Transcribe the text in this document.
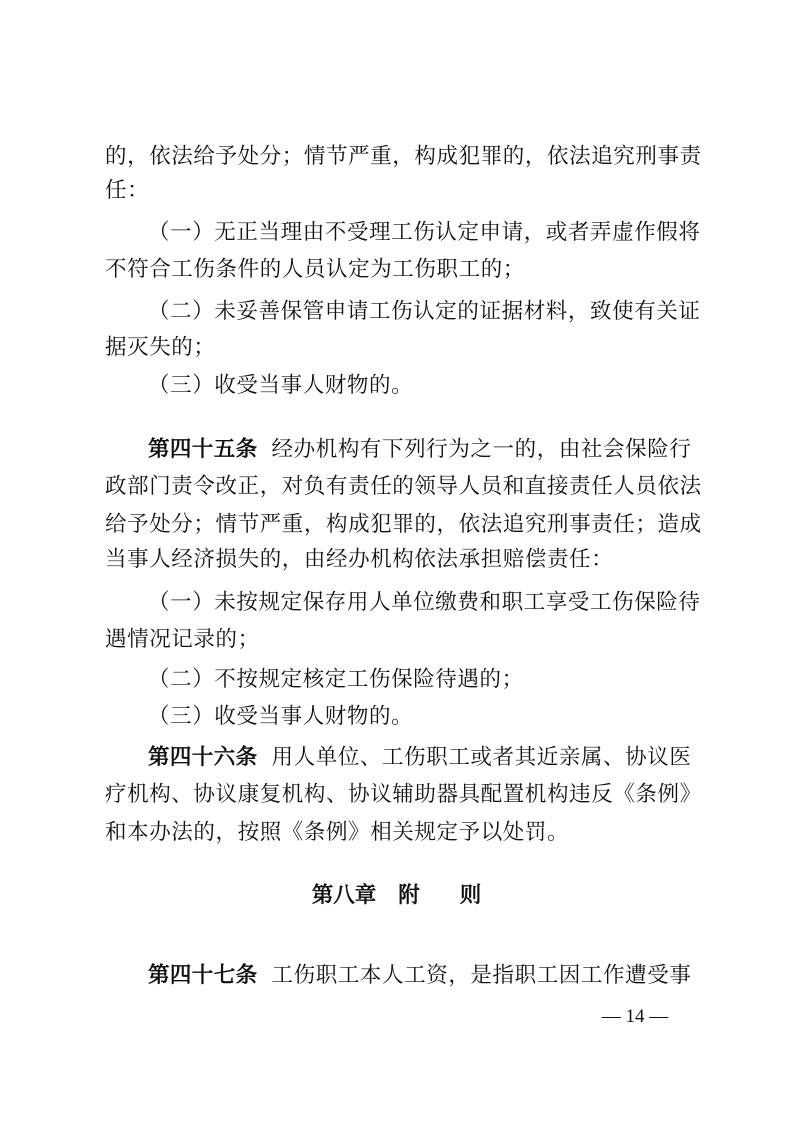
的，依法给予处分；情节严重，构成犯罪的，依法追究刑事责
任：
（一）无正当理由不受理工伤认定申请，或者弄虚作假将
不符合工伤条件的人员认定为工伤职工的；
（二）未妥善保管申请工伤认定的证据材料，致使有关证
据灭失的；
（三）收受当事人财物的。
第四十五条 经办机构有下列行为之一的，由社会保险行
政部门责令改正，对负有责任的领导人员和直接责任人员依法
给予处分；情节严重，构成犯罪的，依法追究刑事责任；造成
当事人经济损失的，由经办机构依法承担赔偿责任：
（一）未按规定保存用人单位缴费和职工享受工伤保险待
遇情况记录的；
（二）不按规定核定工伤保险待遇的；
（三）收受当事人财物的。
第四十六条 用人单位、工伤职工或者其近亲属、协议医
疗机构、协议康复机构、协议辅助器具配置机构违反《条例》
和本办法的，按照《条例》相关规定予以处罚。
第八章 附 则
第四十七条 工伤职工本人工资，是指职工因工作遭受事
— 14 —
